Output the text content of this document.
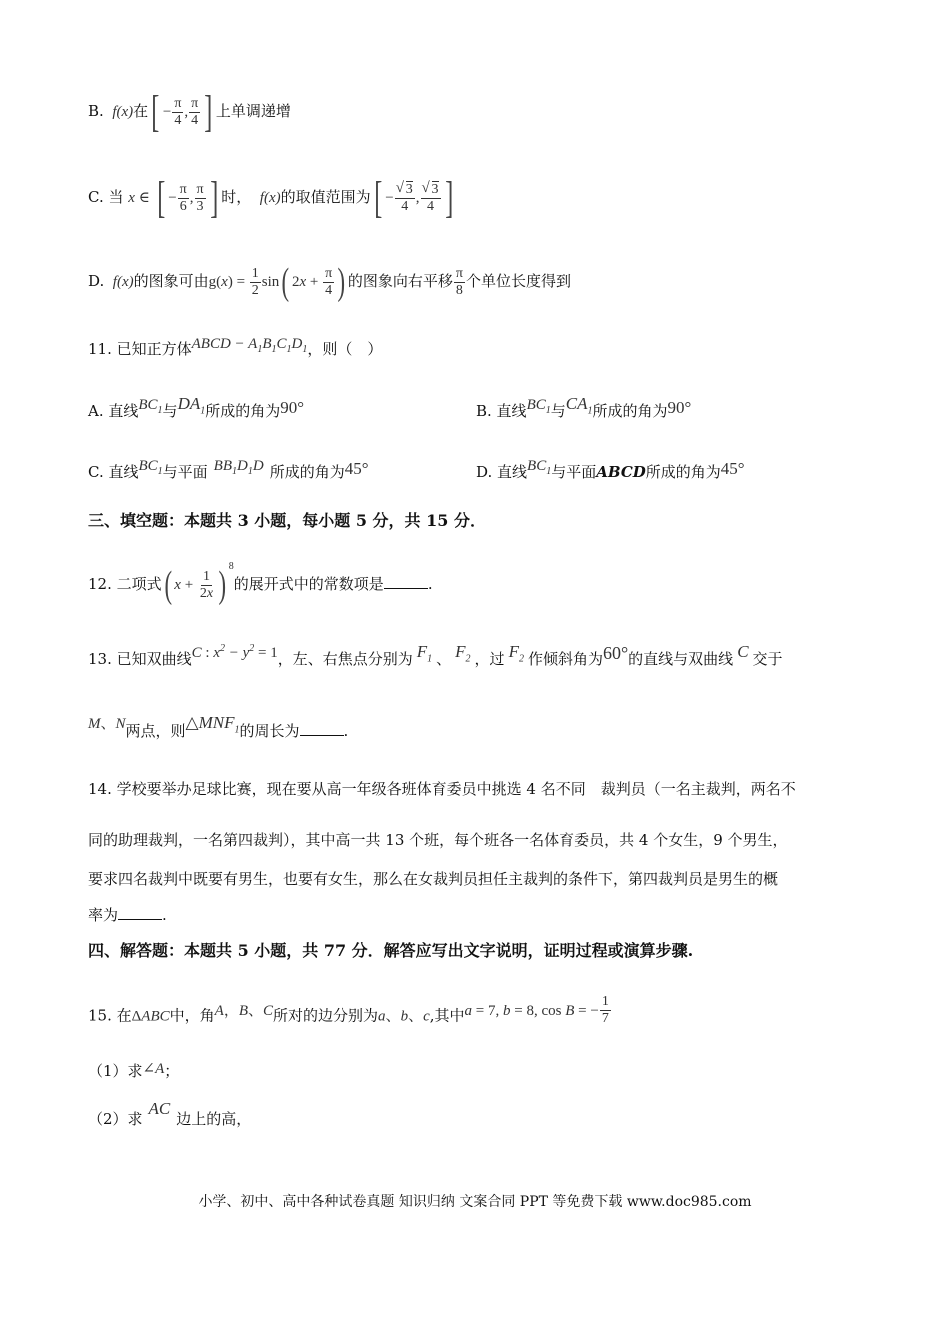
B.  f(x)在[ − $\frac{\pi}{4}$ , $\frac{\pi}{4}$ ] 上单调递增
C. 当 x ∈ [ − $\frac{\pi}{6}$ , $\frac{\pi}{3}$ ] 时，  f(x)的取值范围为[ − √ $\frac{3}{4}$ , √ $\frac{3}{4}$ ]
D.  f(x)的图象可由$g(x) = \frac{1}{2} \sin$( $2x + \frac{\pi}{4}$ ) 的图象向右平移 $\frac{\pi}{8}$ 个单位长度得到
11. 已知正方体ABCD − $A_1B_1C_1D_1$，则（　）
A. 直线$BC_1$与$DA_1$所成的角为90°	B. 直线$BC_1$与$CA_1$所成的角为90°
C. 直线$BC_1$与平面 $BB_1D_1D$ 所成的角为45°	D. 直线$BC_1$与平面ABCD所成的角为45°
三、填空题：本题共 3 小题，每小题 5 分，共 15 分．
12. 二项式( $x + \frac{1}{2x}$ ) $^8$的展开式中的常数项是	.
13. 已知双曲线C : $x^2 - y^2 = 1$，左、右焦点分别为 $F_1$ 、 $F_2$ ，过 $F_2$ 作倾斜角为60°的直线与双曲线 C 交于
M、N两点，则$\triangle MNF_1$的周长为	.
14. 学校要举办足球比赛，现在要从高一年级各班体育委员中挑选 4 名不同　裁判员（一名主裁判，两名不
同的助理裁判，一名第四裁判），其中高一共 13 个班，每个班各一名体育委员，共 4 个女生，9 个男生，
要求四名裁判中既要有男生，也要有女生，那么在女裁判员担任主裁判的条件下，第四裁判员是男生的概
率为	.
四、解答题：本题共 5 小题，共 77 分．解答应写出文字说明，证明过程或演算步骤.
15. 在ΔABC中，角A，B、C所对的边分别为a、b、c,其中a = 7, b = 8, cos B = − $\frac{1}{7}$
（1）求∠A；
（2）求AC边上的高，
小学、初中、高中各种试卷真题 知识归纳 文案合同 PPT 等免费下载 www.doc985.com
